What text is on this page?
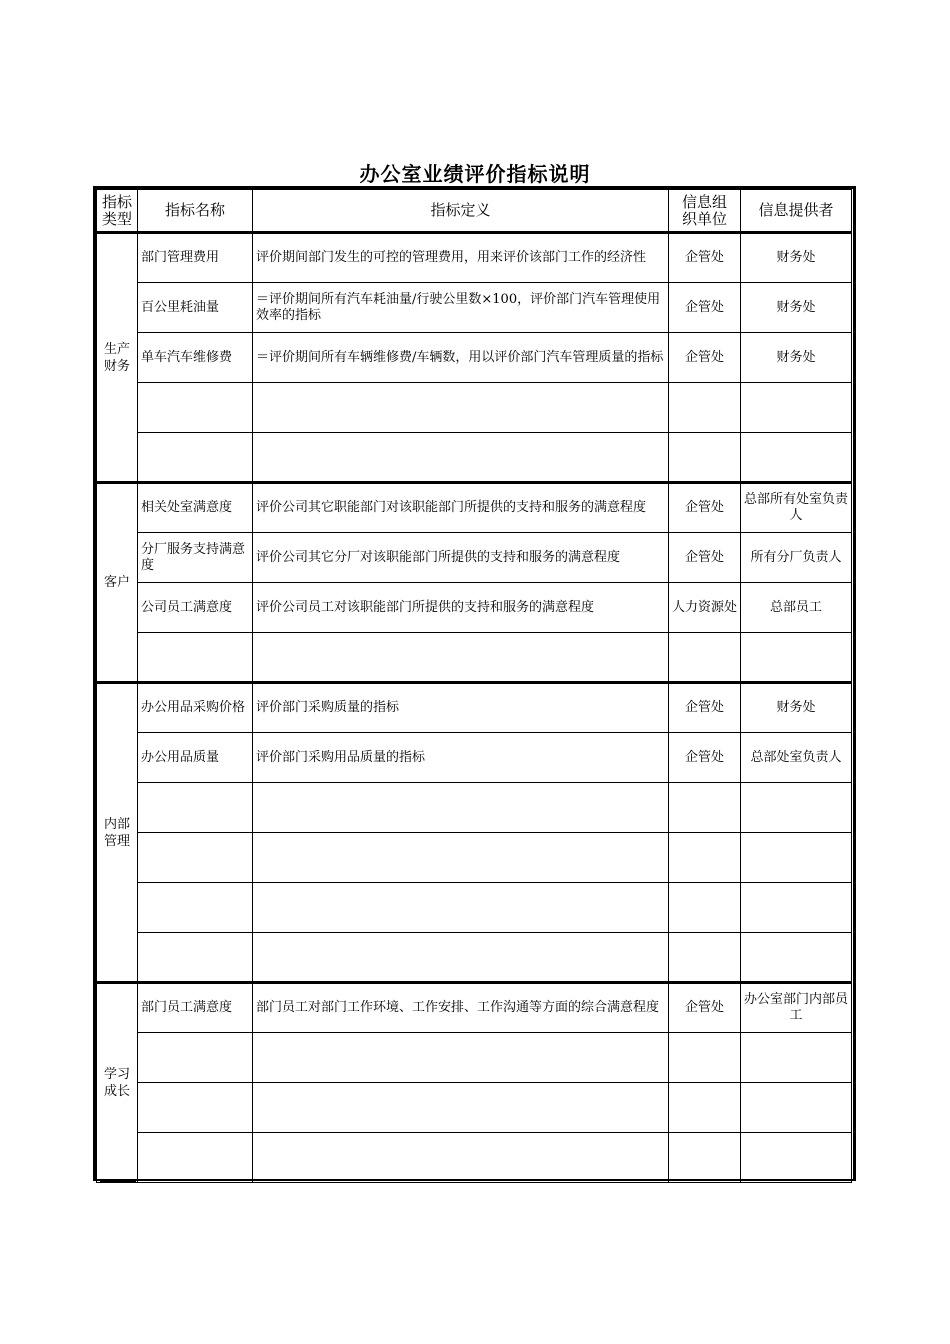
办公室业绩评价指标说明
指标类型	指标名称	指标定义	信息组织单位	信息提供者
生产财务	部门管理费用	评价期间部门发生的可控的管理费用，用来评价该部门工作的经济性	企管处	财务处
	百公里耗油量	＝评价期间所有汽车耗油量/行驶公里数×100，评价部门汽车管理使用效率的指标	企管处	财务处
	单车汽车维修费	＝评价期间所有车辆维修费/车辆数，用以评价部门汽车管理质量的指标	企管处	财务处

客户	相关处室满意度	评价公司其它职能部门对该职能部门所提供的支持和服务的满意程度	企管处	总部所有处室负责人
	分厂服务支持满意度	评价公司其它分厂对该职能部门所提供的支持和服务的满意程度	企管处	所有分厂负责人
	公司员工满意度	评价公司员工对该职能部门所提供的支持和服务的满意程度	人力资源处	总部员工

内部管理	办公用品采购价格	评价部门采购质量的指标	企管处	财务处
	办公用品质量	评价部门采购用品质量的指标	企管处	总部处室负责人

学习成长	部门员工满意度	部门员工对部门工作环境、工作安排、工作沟通等方面的综合满意程度	企管处	办公室部门内部员工
